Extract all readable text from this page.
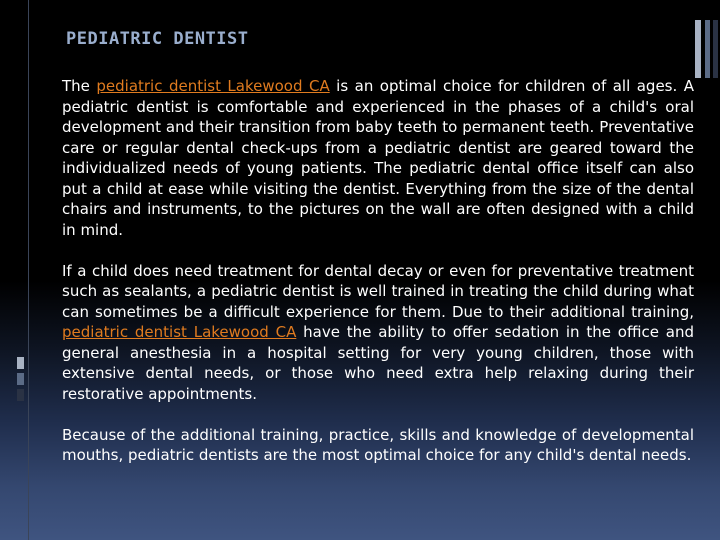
PEDIATRIC DENTIST

The pediatric dentist Lakewood CA is an optimal choice for children of all ages. A pediatric dentist is comfortable and experienced in the phases of a child's oral development and their transition from baby teeth to permanent teeth. Preventative care or regular dental check-ups from a pediatric dentist are geared toward the individualized needs of young patients. The pediatric dental office itself can also put a child at ease while visiting the dentist. Everything from the size of the dental chairs and instruments, to the pictures on the wall are often designed with a child in mind.

If a child does need treatment for dental decay or even for preventative treatment such as sealants, a pediatric dentist is well trained in treating the child during what can sometimes be a difficult experience for them. Due to their additional training, pediatric dentist Lakewood CA have the ability to offer sedation in the office and general anesthesia in a hospital setting for very young children, those with extensive dental needs, or those who need extra help relaxing during their restorative appointments.

Because of the additional training, practice, skills and knowledge of developmental mouths, pediatric dentists are the most optimal choice for any child's dental needs.
